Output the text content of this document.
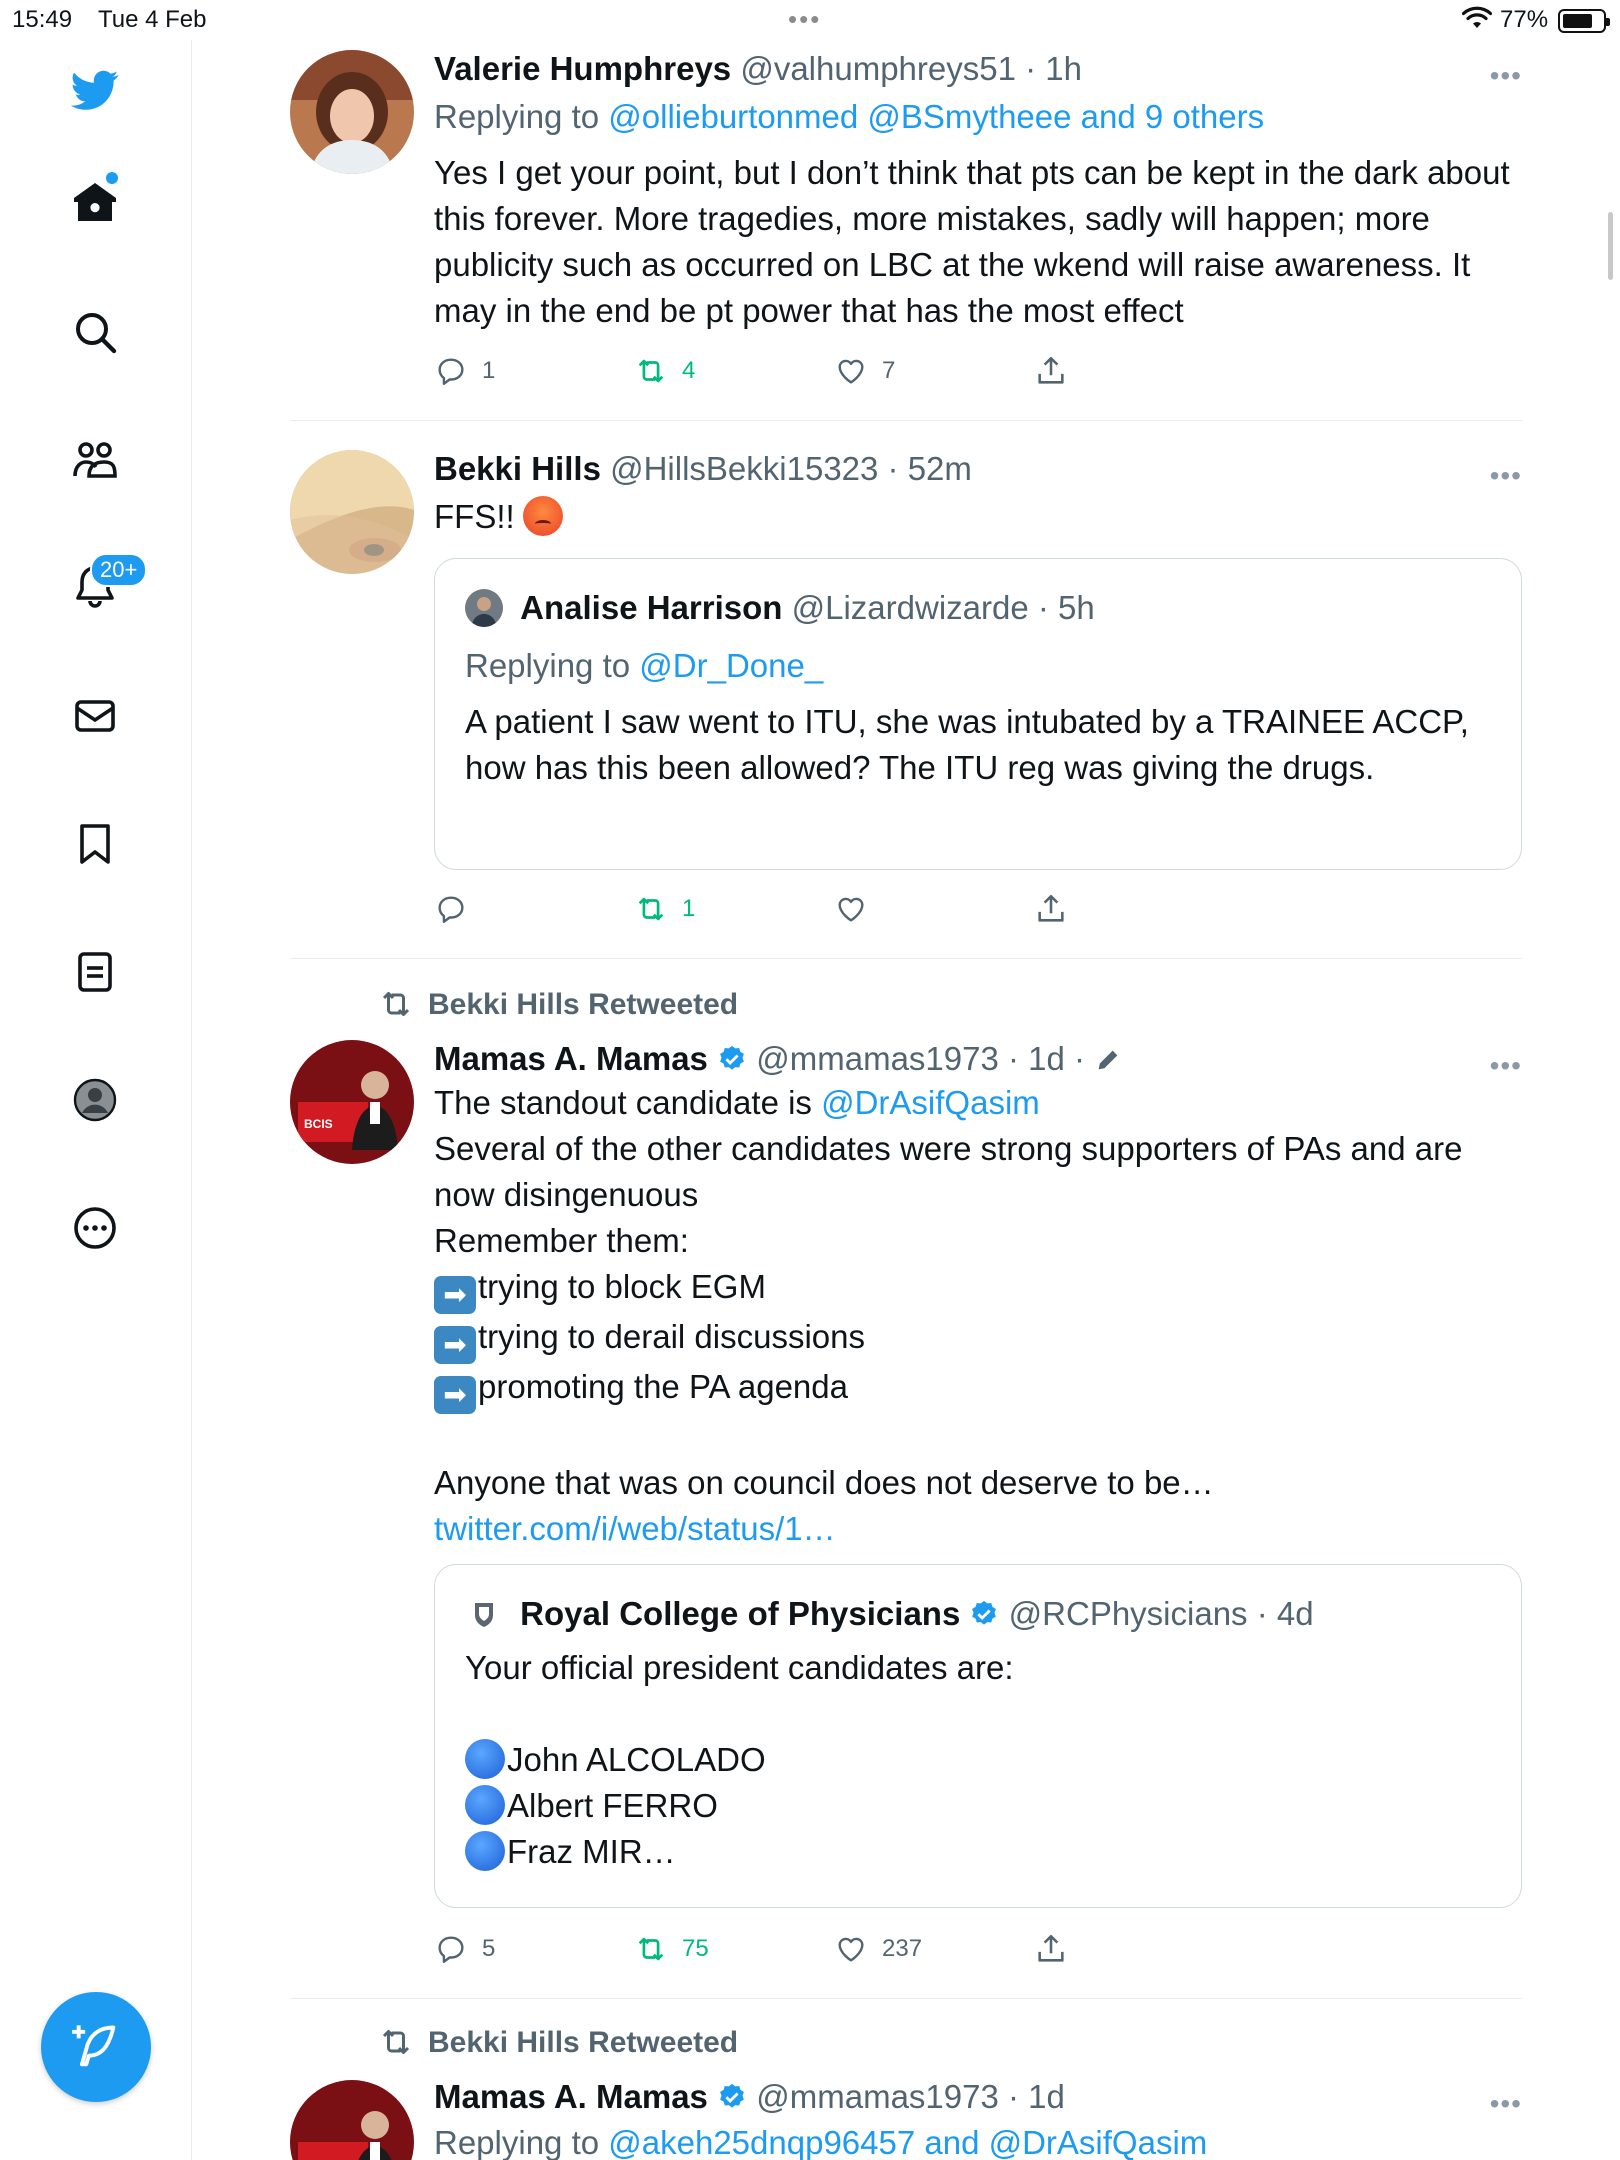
15:49 Tue 4 Feb	•••	77%
20+
Valerie Humphreys @valhumphreys51 · 1h	•••
Replying to @ollieburtonmed @BSmytheee and 9 others
Yes I get your point, but I don’t think that pts can be kept in the dark about this forever. More tragedies, more mistakes, sadly will happen; more publicity such as occurred on LBC at the wkend will raise awareness. It may in the end be pt power that has the most effect
1	4	7
Bekki Hills @HillsBekki15323 · 52m	•••
FFS!!
Analise Harrison @Lizardwizarde · 5h
Replying to @Dr_Done_
A patient I saw went to ITU, she was intubated by a TRAINEE ACCP, how has this been allowed? The ITU reg was giving the drugs.
1
Bekki Hills Retweeted
BCIS
Mamas A. Mamas @mmamas1973 · 1d ·	•••
The standout candidate is @DrAsifQasim
Several of the other candidates were strong supporters of PAs and are now disingenuous
Remember them:
➡ trying to block EGM
➡ trying to derail discussions
➡ promoting the PA agenda
Anyone that was on council does not deserve to be… twitter.com/i/web/status/1…
Royal College of Physicians @RCPhysicians · 4d
Your official president candidates are:
John ALCOLADO
Albert FERRO
Fraz MIR…
5	75	237
Bekki Hills Retweeted
Mamas A. Mamas @mmamas1973 · 1d	•••
Replying to @akeh25dnqp96457 and @DrAsifQasim
